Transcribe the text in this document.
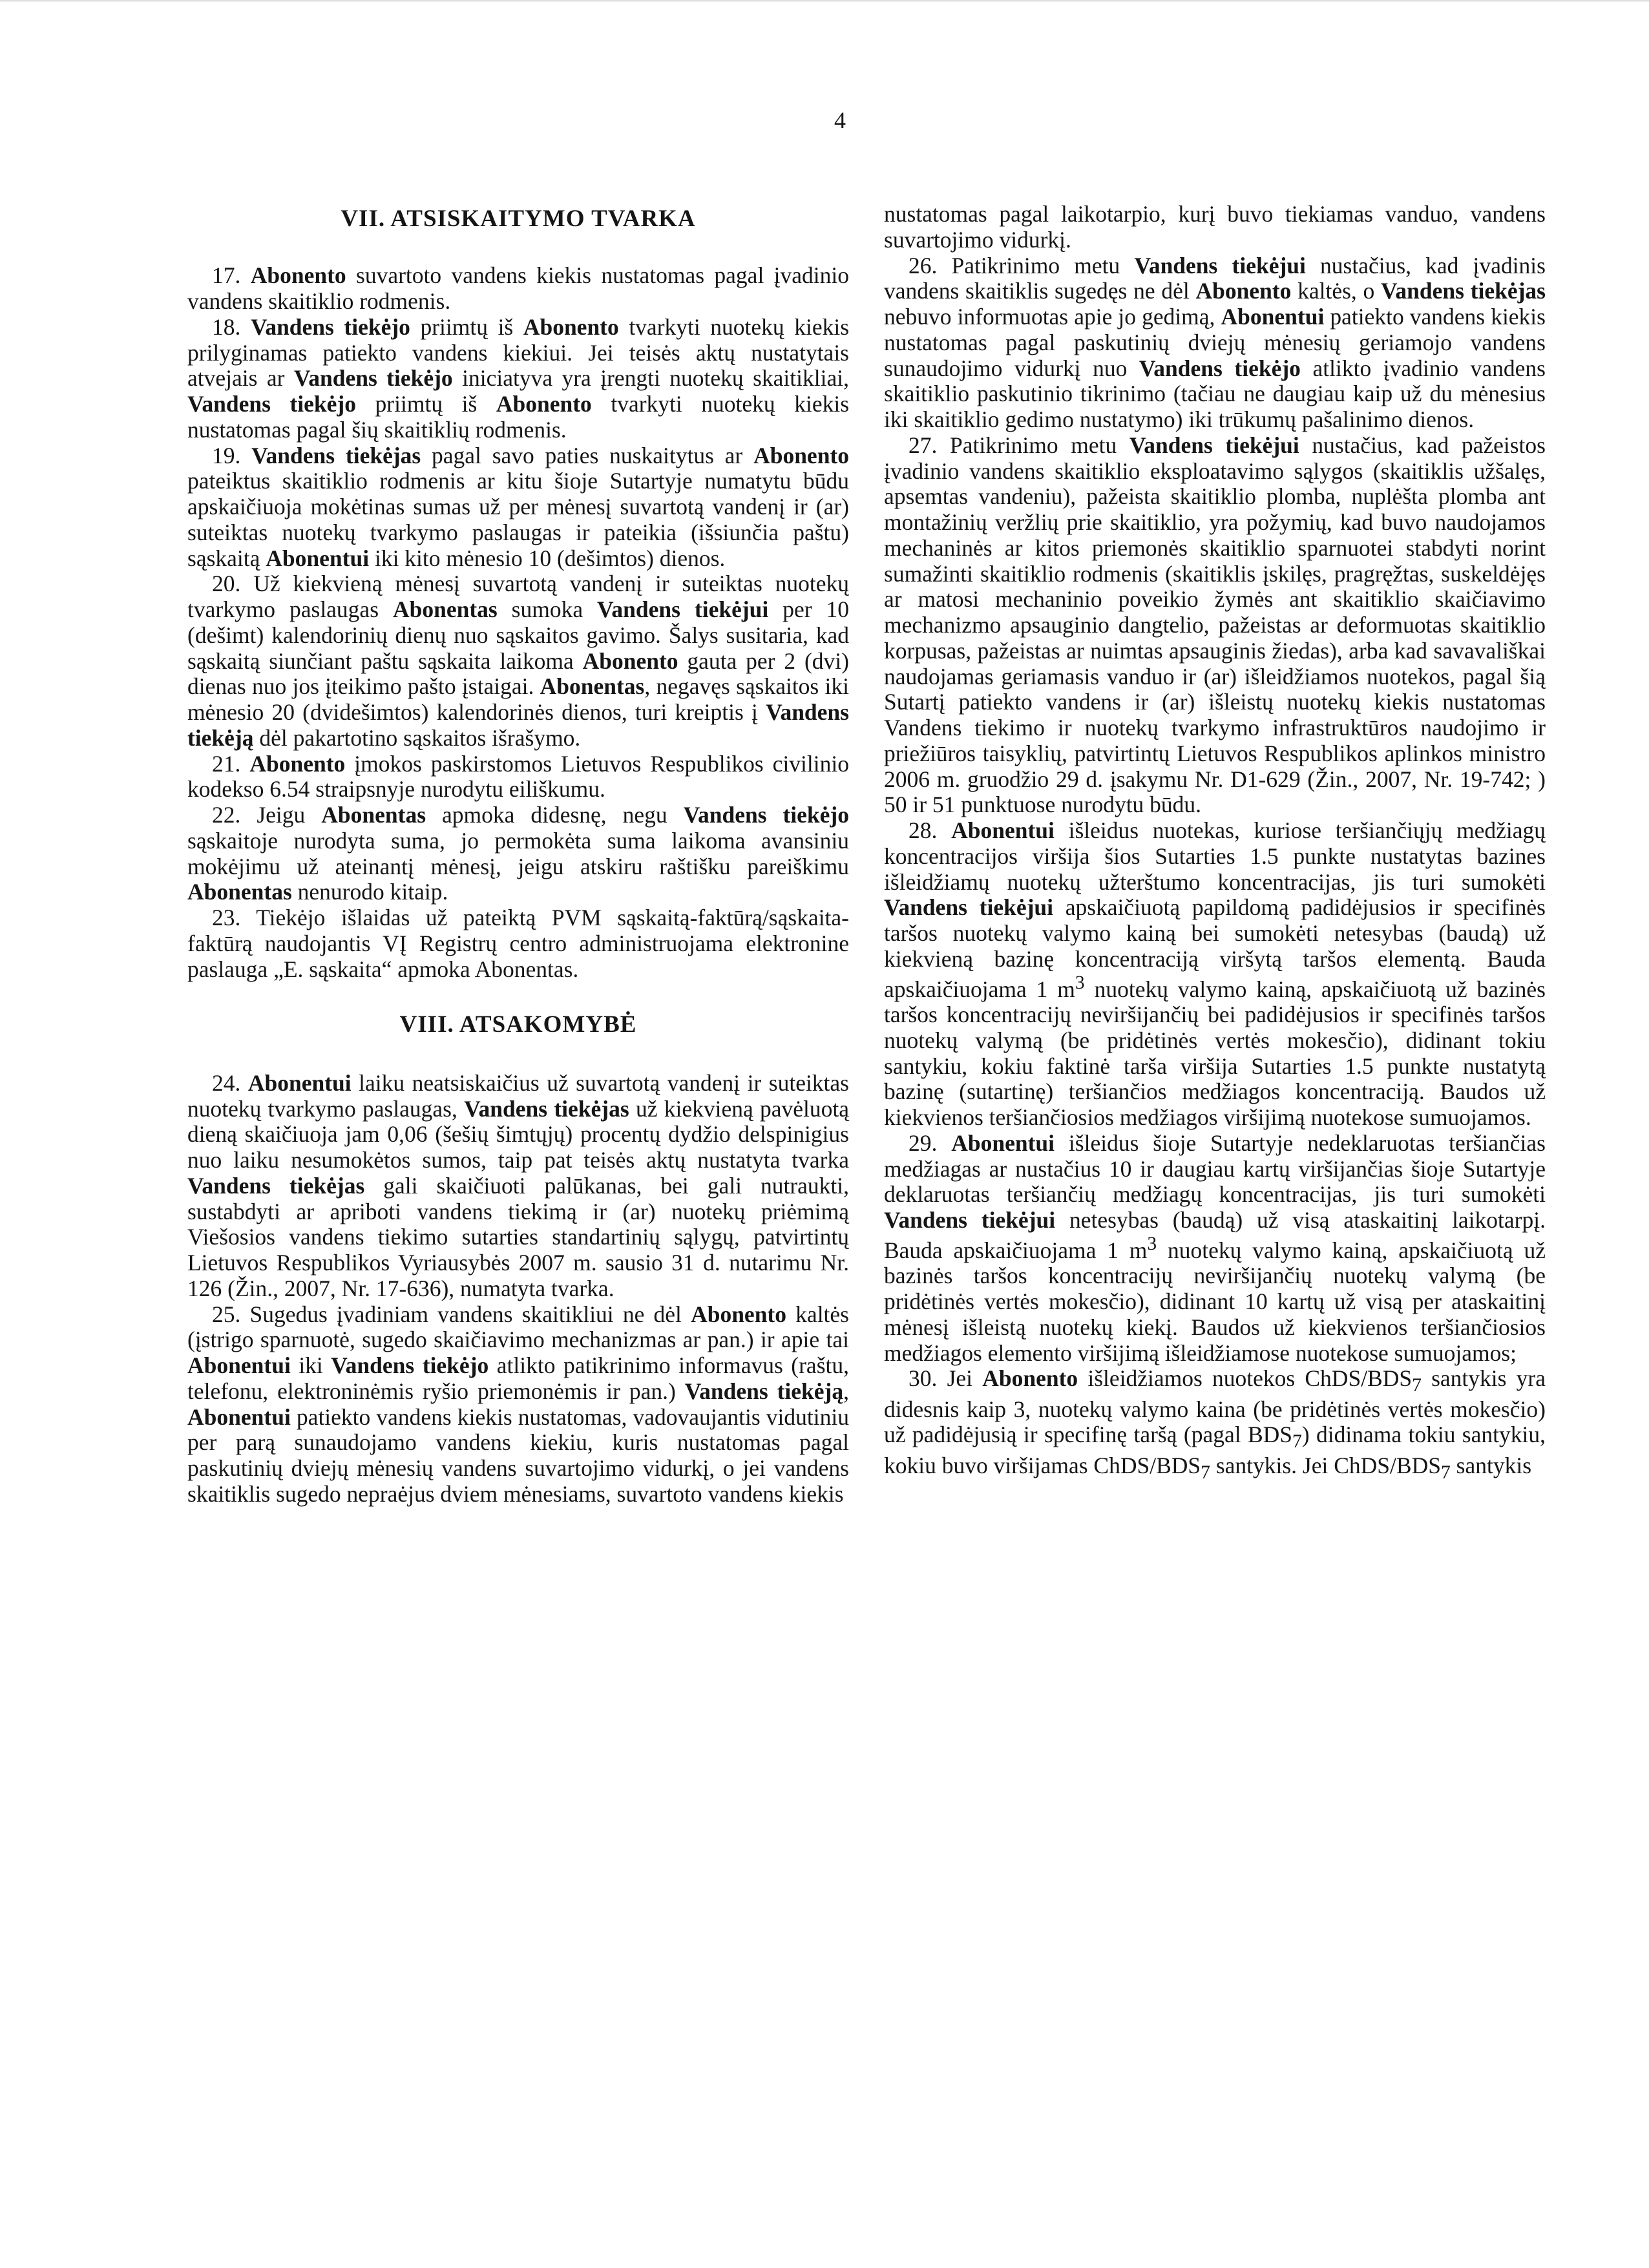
4
VII. ATSISKAITYMO TVARKA

17. Abonento suvartoto vandens kiekis nustatomas pagal įvadinio vandens skaitiklio rodmenis.

18. Vandens tiekėjo priimtų iš Abonento tvarkyti nuotekų kiekis prilyginamas patiekto vandens kiekiui. Jei teisės aktų nustatytais atvejais ar Vandens tiekėjo iniciatyva yra įrengti nuotekų skaitikliai, Vandens tiekėjo priimtų iš Abonento tvarkyti nuotekų kiekis nustatomas pagal šių skaitiklių rodmenis.

19. Vandens tiekėjas pagal savo paties nuskaitytus ar Abonento pateiktus skaitiklio rodmenis ar kitu šioje Sutartyje numatytu būdu apskaičiuoja mokėtinas sumas už per mėnesį suvartotą vandenį ir (ar) suteiktas nuotekų tvarkymo paslaugas ir pateikia (išsiunčia paštu) sąskaitą Abonentui iki kito mėnesio 10 (dešimtos) dienos.

20. Už kiekvieną mėnesį suvartotą vandenį ir suteiktas nuotekų tvarkymo paslaugas Abonentas sumoka Vandens tiekėjui per 10 (dešimt) kalendorinių dienų nuo sąskaitos gavimo. Šalys susitaria, kad sąskaitą siunčiant paštu sąskaita laikoma Abonento gauta per 2 (dvi) dienas nuo jos įteikimo pašto įstaigai. Abonentas, negavęs sąskaitos iki mėnesio 20 (dvidešimtos) kalendorinės dienos, turi kreiptis į Vandens tiekėją dėl pakartotino sąskaitos išrašymo.

21. Abonento įmokos paskirstomos Lietuvos Respublikos civilinio kodekso 6.54 straipsnyje nurodytu eiliškumu.

22. Jeigu Abonentas apmoka didesnę, negu Vandens tiekėjo sąskaitoje nurodyta suma, jo permokėta suma laikoma avansiniu mokėjimu už ateinantį mėnesį, jeigu atskiru raštišku pareiškimu Abonentas nenurodo kitaip.

23. Tiekėjo išlaidas už pateiktą PVM sąskaitą-faktūrą/sąskaita-faktūrą naudojantis VĮ Registrų centro administruojama elektronine paslauga „E. sąskaita“ apmoka Abonentas.

VIII. ATSAKOMYBĖ

24. Abonentui laiku neatsiskaičius už suvartotą vandenį ir suteiktas nuotekų tvarkymo paslaugas, Vandens tiekėjas už kiekvieną pavėluotą dieną skaičiuoja jam 0,06 (šešių šimtųjų) procentų dydžio delspinigius nuo laiku nesumokėtos sumos, taip pat teisės aktų nustatyta tvarka Vandens tiekėjas gali skaičiuoti palūkanas, bei gali nutraukti, sustabdyti ar apriboti vandens tiekimą ir (ar) nuotekų priėmimą Viešosios vandens tiekimo sutarties standartinių sąlygų, patvirtintų Lietuvos Respublikos Vyriausybės 2007 m. sausio 31 d. nutarimu Nr. 126 (Žin., 2007, Nr. 17-636), numatyta tvarka.

25. Sugedus įvadiniam vandens skaitikliui ne dėl Abonento kaltės (įstrigo sparnuotė, sugedo skaičiavimo mechanizmas ar pan.) ir apie tai Abonentui iki Vandens tiekėjo atlikto patikrinimo informavus (raštu, telefonu, elektroninėmis ryšio priemonėmis ir pan.) Vandens tiekėją, Abonentui patiekto vandens kiekis nustatomas, vadovaujantis vidutiniu per parą sunaudojamo vandens kiekiu, kuris nustatomas pagal paskutinių dviejų mėnesių vandens suvartojimo vidurkį, o jei vandens skaitiklis sugedo nepraėjus dviem mėnesiams, suvartoto vandens kiekis

nustatomas pagal laikotarpio, kurį buvo tiekiamas vanduo, vandens suvartojimo vidurkį.

26. Patikrinimo metu Vandens tiekėjui nustačius, kad įvadinis vandens skaitiklis sugedęs ne dėl Abonento kaltės, o Vandens tiekėjas nebuvo informuotas apie jo gedimą, Abonentui patiekto vandens kiekis nustatomas pagal paskutinių dviejų mėnesių geriamojo vandens sunaudojimo vidurkį nuo Vandens tiekėjo atlikto įvadinio vandens skaitiklio paskutinio tikrinimo (tačiau ne daugiau kaip už du mėnesius iki skaitiklio gedimo nustatymo) iki trūkumų pašalinimo dienos.

27. Patikrinimo metu Vandens tiekėjui nustačius, kad pažeistos įvadinio vandens skaitiklio eksploatavimo sąlygos (skaitiklis užšalęs, apsemtas vandeniu), pažeista skaitiklio plomba, nuplėšta plomba ant montažinių veržlių prie skaitiklio, yra požymių, kad buvo naudojamos mechaninės ar kitos priemonės skaitiklio sparnuotei stabdyti norint sumažinti skaitiklio rodmenis (skaitiklis įskilęs, pragręžtas, suskeldėjęs ar matosi mechaninio poveikio žymės ant skaitiklio skaičiavimo mechanizmo apsauginio dangtelio, pažeistas ar deformuotas skaitiklio korpusas, pažeistas ar nuimtas apsauginis žiedas), arba kad savavališkai naudojamas geriamasis vanduo ir (ar) išleidžiamos nuotekos, pagal šią Sutartį patiekto vandens ir (ar) išleistų nuotekų kiekis nustatomas Vandens tiekimo ir nuotekų tvarkymo infrastruktūros naudojimo ir priežiūros taisyklių, patvirtintų Lietuvos Respublikos aplinkos ministro 2006 m. gruodžio 29 d. įsakymu Nr. D1-629 (Žin., 2007, Nr. 19-742; ) 50 ir 51 punktuose nurodytu būdu.

28. Abonentui išleidus nuotekas, kuriose teršiančiųjų medžiagų koncentracijos viršija šios Sutarties 1.5 punkte nustatytas bazines išleidžiamų nuotekų užterštumo koncentracijas, jis turi sumokėti Vandens tiekėjui apskaičiuotą papildomą padidėjusios ir specifinės taršos nuotekų valymo kainą bei sumokėti netesybas (baudą) už kiekvieną bazinę koncentraciją viršytą taršos elementą. Bauda apskaičiuojama 1 $m^3$ nuotekų valymo kainą, apskaičiuotą už bazinės taršos koncentracijų neviršijančių bei padidėjusios ir specifinės taršos nuotekų valymą (be pridėtinės vertės mokesčio), didinant tokiu santykiu, kokiu faktinė tarša viršija Sutarties 1.5 punkte nustatytą bazinę (sutartinę) teršiančios medžiagos koncentraciją. Baudos už kiekvienos teršiančiosios medžiagos viršijimą nuotekose sumuojamos.

29. Abonentui išleidus šioje Sutartyje nedeklaruotas teršiančias medžiagas ar nustačius 10 ir daugiau kartų viršijančias šioje Sutartyje deklaruotas teršiančių medžiagų koncentracijas, jis turi sumokėti Vandens tiekėjui netesybas (baudą) už visą ataskaitinį laikotarpį. Bauda apskaičiuojama 1 $m^3$ nuotekų valymo kainą, apskaičiuotą už bazinės taršos koncentracijų neviršijančių nuotekų valymą (be pridėtinės vertės mokesčio), didinant 10 kartų už visą per ataskaitinį mėnesį išleistą nuotekų kiekį. Baudos už kiekvienos teršiančiosios medžiagos elemento viršijimą išleidžiamose nuotekose sumuojamos;

30. Jei Abonento išleidžiamos nuotekos ChDS/$BDS_7$ santykis yra didesnis kaip 3, nuotekų valymo kaina (be pridėtinės vertės mokesčio) už padidėjusią ir specifinę taršą (pagal $BDS_7$) didinama tokiu santykiu, kokiu buvo viršijamas ChDS/$BDS_7$ santykis. Jei ChDS/$BDS_7$ santykis
